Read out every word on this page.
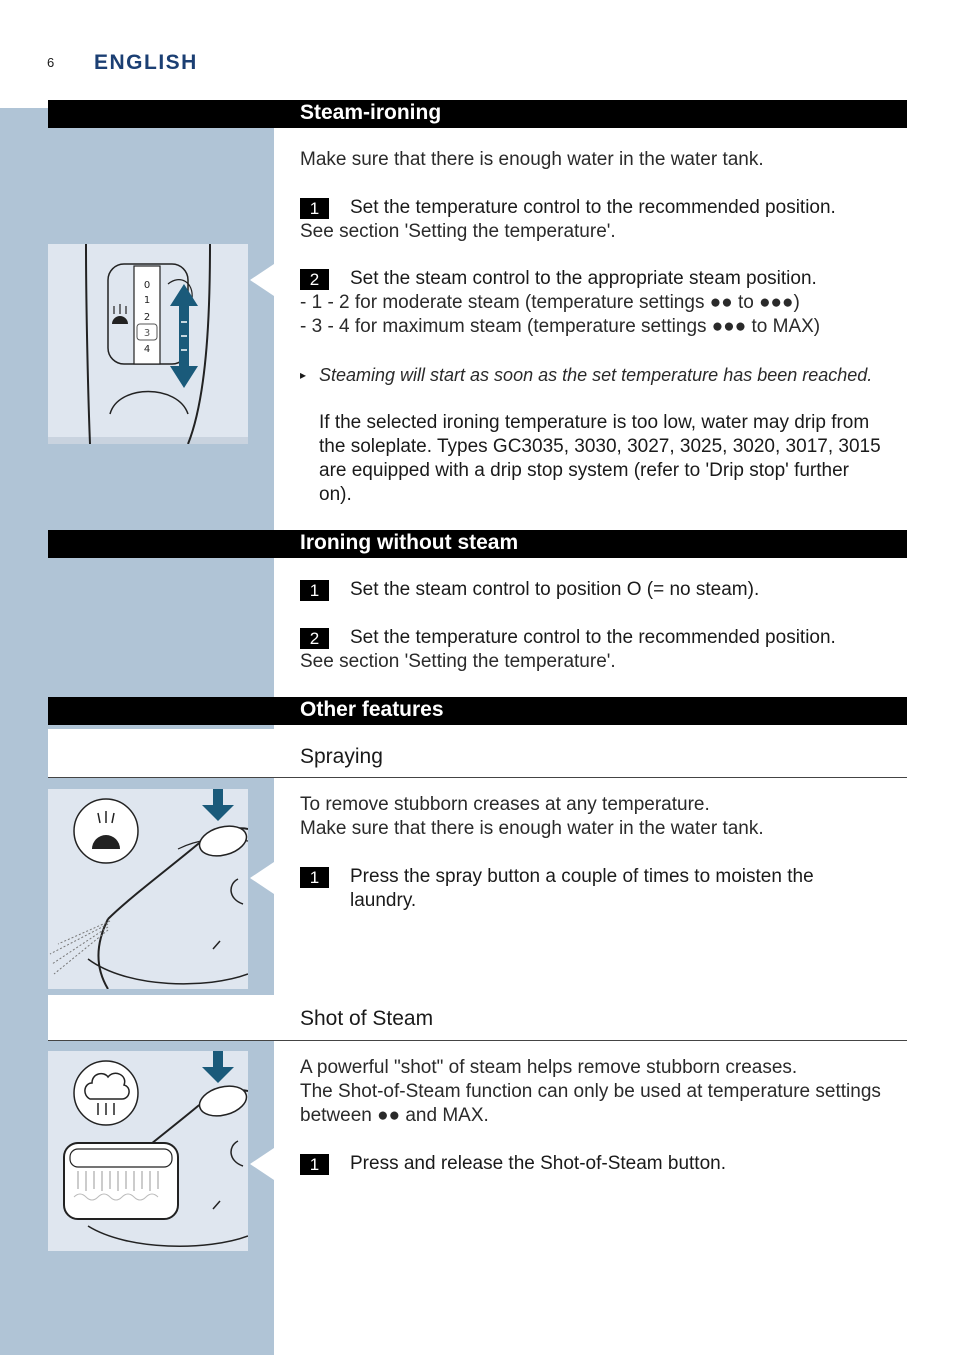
6 ENGLISH
Steam-ironing
0
1
2
3
4
Make sure that there is enough water in the water tank.
1	Set the temperature control to the recommended position.
See section 'Setting the temperature'.
2	Set the steam control to the appropriate steam position.
- 1 - 2 for moderate steam (temperature settings ●● to ●●●)
- 3 - 4 for maximum steam (temperature settings ●●● to MAX)
▸ Steaming will start as soon as the set temperature has been reached.
If the selected ironing temperature is too low, water may drip from
the soleplate. Types GC3035, 3030, 3027, 3025, 3020, 3017, 3015
are equipped with a drip stop system (refer to 'Drip stop' further
on).
Ironing without steam
1	Set the steam control to position O (= no steam).
2	Set the temperature control to the recommended position.
See section 'Setting the temperature'.
Other features
Spraying
To remove stubborn creases at any temperature.
Make sure that there is enough water in the water tank.
1	Press the spray button a couple of times to moisten the
laundry.
Shot of Steam
A powerful "shot" of steam helps remove stubborn creases.
The Shot-of-Steam function can only be used at temperature settings
between ●● and MAX.
1	Press and release the Shot-of-Steam button.
